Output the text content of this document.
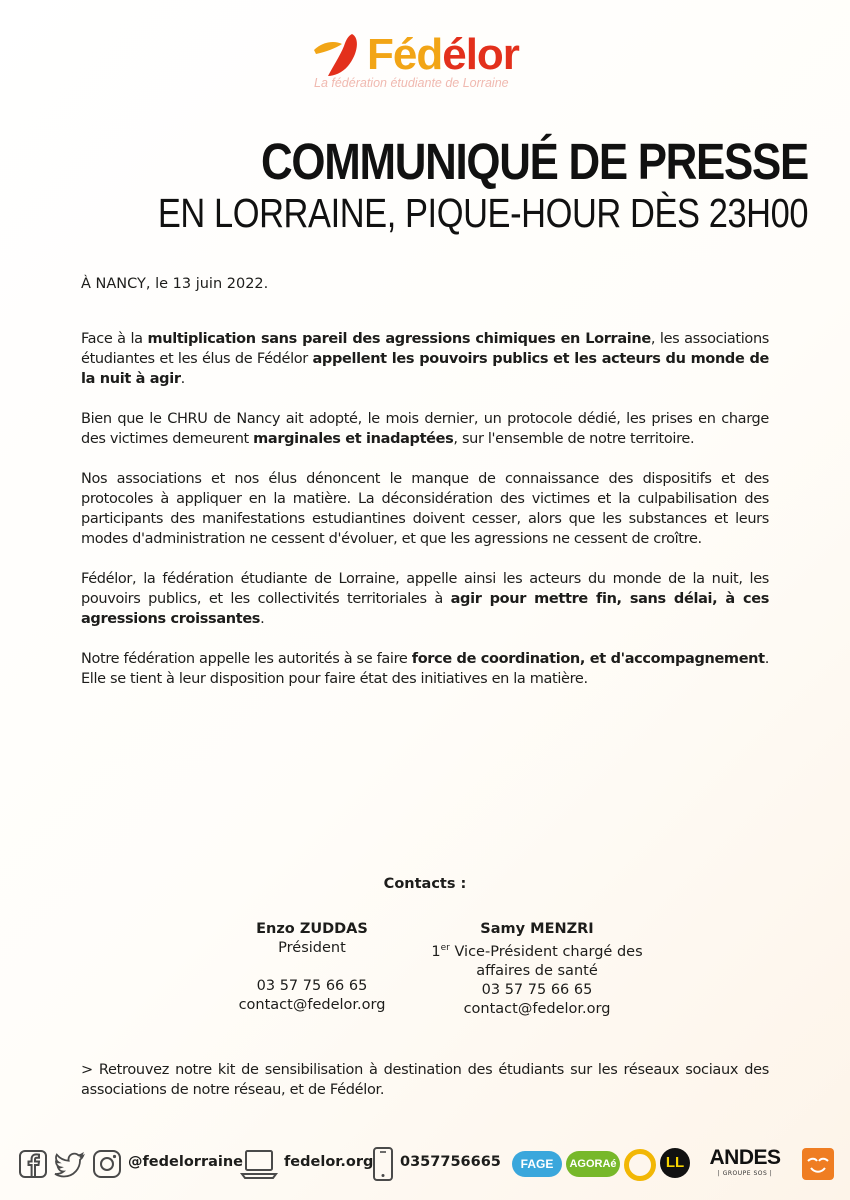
Fédélor
La fédération étudiante de Lorraine
COMMUNIQUÉ DE PRESSE
EN LORRAINE, PIQUE-HOUR DÈS 23H00
À NANCY, le 13 juin 2022.

Face à la multiplication sans pareil des agressions chimiques en Lorraine, les associations étudiantes et les élus de Fédélor appellent les pouvoirs publics et les acteurs du monde de la nuit à agir.

Bien que le CHRU de Nancy ait adopté, le mois dernier, un protocole dédié, les prises en charge des victimes demeurent marginales et inadaptées, sur l'ensemble de notre territoire.

Nos associations et nos élus dénoncent le manque de connaissance des dispositifs et des protocoles à appliquer en la matière. La déconsidération des victimes et la culpabilisation des participants des manifestations estudiantines doivent cesser, alors que les substances et leurs modes d'administration ne cessent d'évoluer, et que les agressions ne cessent de croître.

Fédélor, la fédération étudiante de Lorraine, appelle ainsi les acteurs du monde de la nuit, les pouvoirs publics, et les collectivités territoriales à agir pour mettre fin, sans délai, à ces agressions croissantes.

Notre fédération appelle les autorités à se faire force de coordination, et d'accompagnement. Elle se tient à leur disposition pour faire état des initiatives en la matière.

Contacts :
Enzo ZUDDAS
Président
03 57 75 66 65
contact@fedelor.org
Samy MENZRI
1er Vice-Président chargé des
affaires de santé
03 57 75 66 65
contact@fedelor.org
> Retrouvez notre kit de sensibilisation à destination des étudiants sur les réseaux sociaux des associations de notre réseau, et de Fédélor.
@fedelorraine	fedelor.org 0357756665	FAGE	AGORAé	LL	ANDES
| GROUPE SOS |
